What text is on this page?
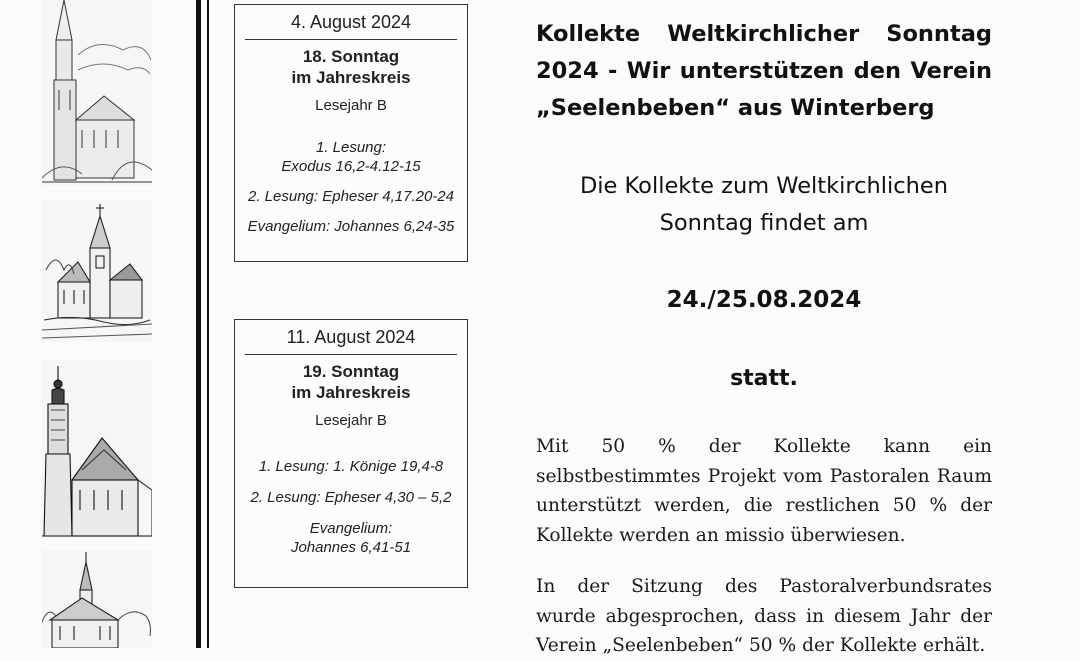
4. August 2024
18. Sonntag
im Jahreskreis
Lesejahr B
1. Lesung:
Exodus 16,2-4.12-15
2. Lesung: Epheser 4,17.20-24
Evangelium: Johannes 6,24-35
11. August 2024
19. Sonntag
im Jahreskreis
Lesejahr B
1. Lesung: 1. Könige 19,4-8
2. Lesung: Epheser 4,30 – 5,2
Evangelium:
Johannes 6,41-51
Kollekte Weltkirchlicher Sonntag 2024 - Wir unterstützen den Verein „Seelenbeben“ aus Winterberg
Die Kollekte zum Weltkirchlichen
Sonntag findet am
24./25.08.2024
statt.
Mit 50 % der Kollekte kann ein selbstbestimmtes Projekt vom Pastoralen Raum unterstützt werden, die restlichen 50 % der Kollekte werden an missio überwiesen.
In der Sitzung des Pastoralverbundsrates wurde abgesprochen, dass in diesem Jahr der Verein „Seelenbeben“ 50 % der Kollekte erhält.
